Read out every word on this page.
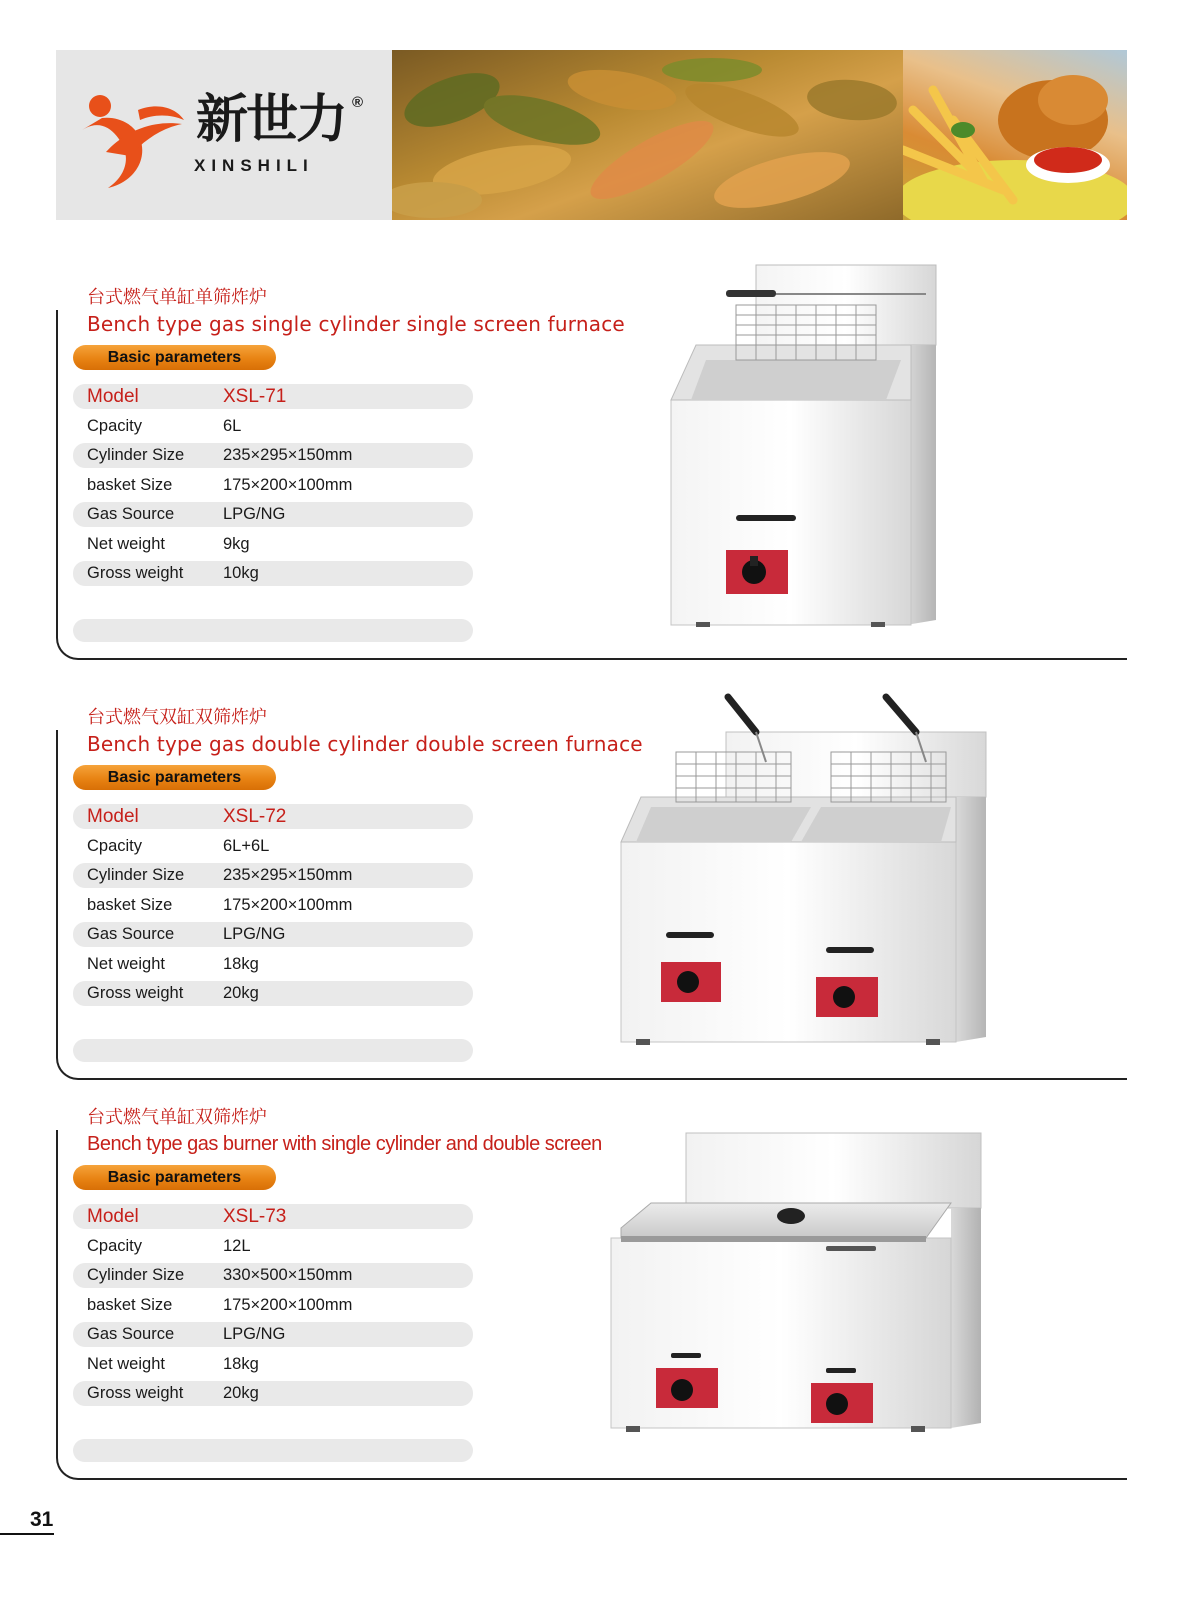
新世力 ®
XINSHILI
台式燃气单缸单筛炸炉
Bench type gas single cylinder single screen furnace
Basic parameters
Model	XSL-71
Cpacity	6L
Cylinder Size 235×295×150mm
basket Size	175×200×100mm
Gas Source	LPG/NG
Net weight	9kg
Gross weight 10kg
台式燃气双缸双筛炸炉
Bench type gas double cylinder double screen furnace
Basic parameters
Model	XSL-72
Cpacity	6L+6L
Cylinder Size 235×295×150mm
basket Size	175×200×100mm
Gas Source	LPG/NG
Net weight	18kg
Gross weight 20kg
台式燃气单缸双筛炸炉
Bench type gas burner with single cylinder and double screen
Basic parameters
Model	XSL-73
Cpacity	12L
Cylinder Size 330×500×150mm
basket Size	175×200×100mm
Gas Source	LPG/NG
Net weight	18kg
Gross weight 20kg
31
